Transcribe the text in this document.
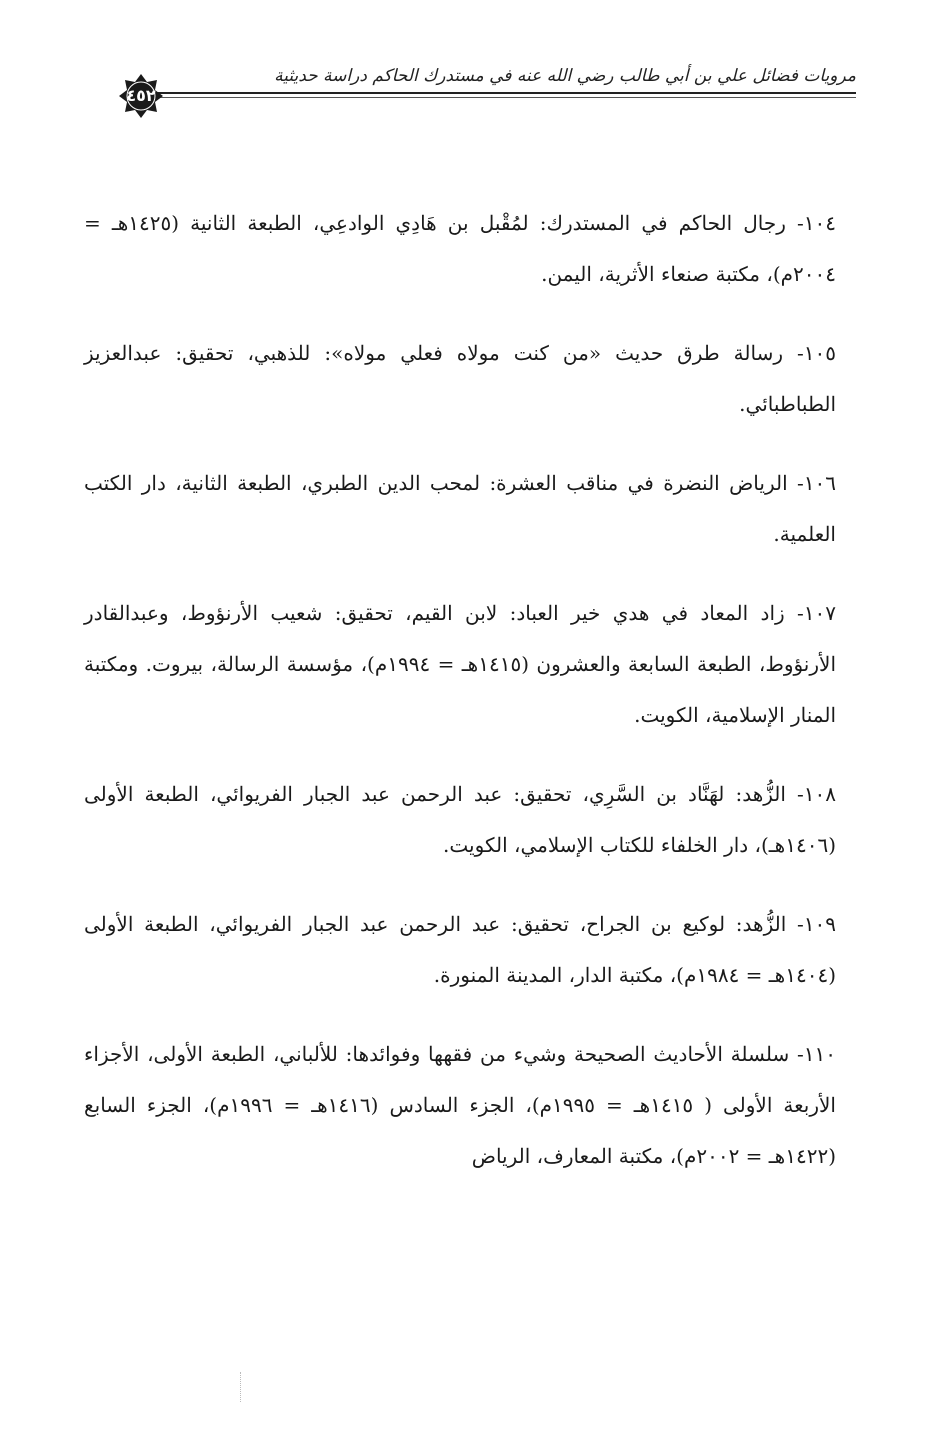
مرويات فضائل علي بن أبي طالب رضي الله عنه في مستدرك الحاكم دراسة حديثية
٤٥٢

١٠٤- رجال الحاكم في المستدرك: لمُقْبل بن هَادِي الوادعِي، الطبعة الثانية (١٤٢٥هـ = ٢٠٠٤م)، مكتبة صنعاء الأثرية، اليمن.

١٠٥- رسالة طرق حديث «من كنت مولاه فعلي مولاه»: للذهبي، تحقيق: عبدالعزيز الطباطبائي.

١٠٦- الرياض النضرة في مناقب العشرة: لمحب الدين الطبري، الطبعة الثانية، دار الكتب العلمية.

١٠٧- زاد المعاد في هدي خير العباد: لابن القيم، تحقيق: شعيب الأرنؤوط، وعبدالقادر الأرنؤوط، الطبعة السابعة والعشرون (١٤١٥هـ = ١٩٩٤م)، مؤسسة الرسالة، بيروت. ومكتبة المنار الإسلامية، الكويت.

١٠٨- الزُّهد: لهَنَّاد بن السَّرِي، تحقيق: عبد الرحمن عبد الجبار الفريوائي، الطبعة الأولى (١٤٠٦هـ)، دار الخلفاء للكتاب الإسلامي، الكويت.

١٠٩- الزُّهد: لوكيع بن الجراح، تحقيق: عبد الرحمن عبد الجبار الفريوائي، الطبعة الأولى (١٤٠٤هـ = ١٩٨٤م)، مكتبة الدار، المدينة المنورة.

١١٠- سلسلة الأحاديث الصحيحة وشيء من فقهها وفوائدها: للألباني، الطبعة الأولى، الأجزاء الأربعة الأولى ( ١٤١٥هـ = ١٩٩٥م)، الجزء السادس (١٤١٦هـ = ١٩٩٦م)، الجزء السابع (١٤٢٢هـ = ٢٠٠٢م)، مكتبة المعارف، الرياض
